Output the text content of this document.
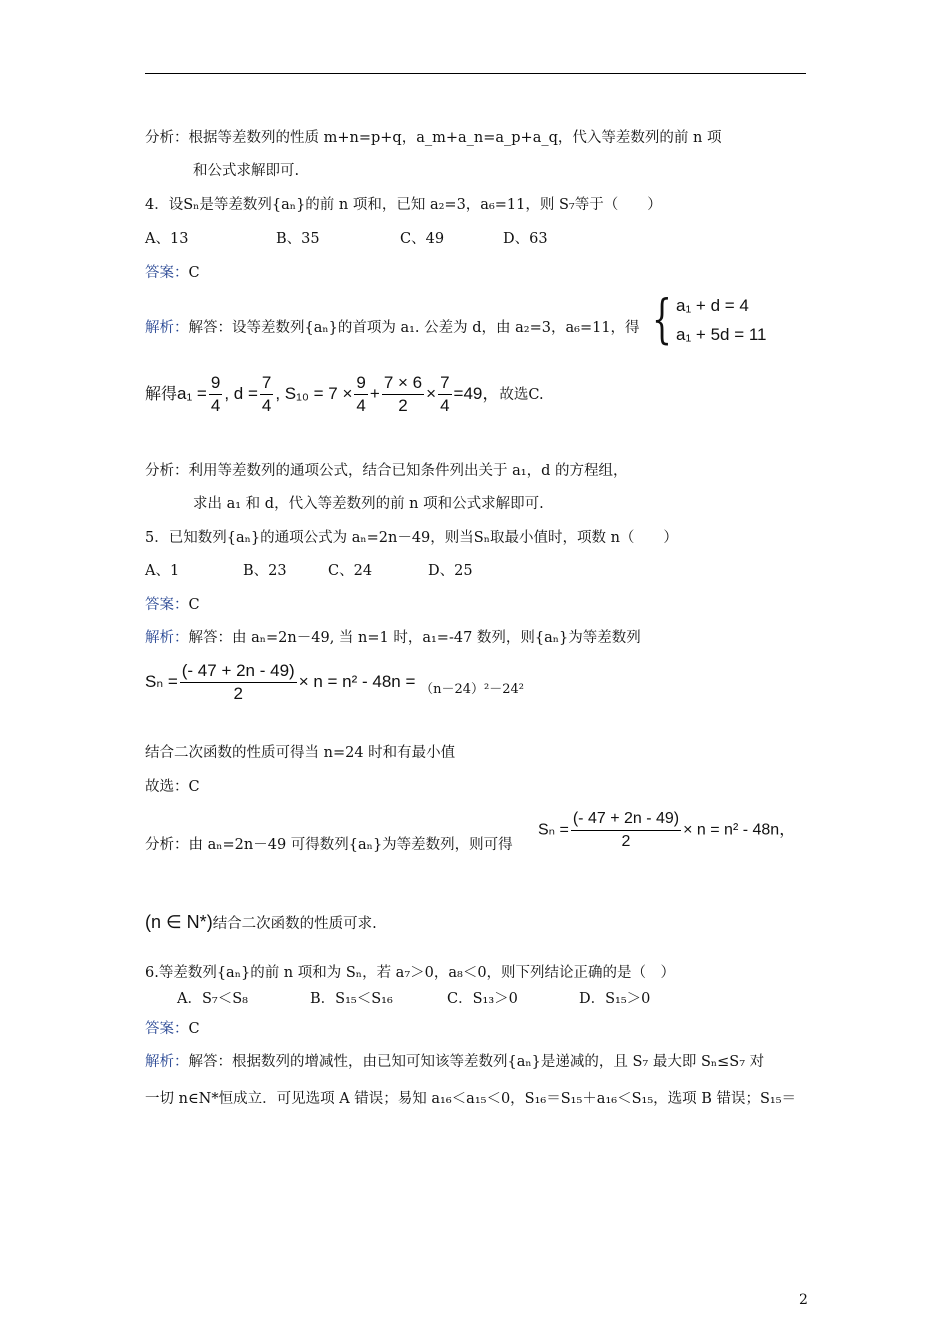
分析：根据等差数列的性质 m+n=p+q，a_m+a_n=a_p+a_q，代入等差数列的前 n 项
和公式求解即可.
4．设Sₙ是等差数列{aₙ}的前 n 项和，已知 a₂=3，a₆=11，则 S₇等于（　　）
A、13	B、35	C、49	D、63
答案：C
解析：解答：设等差数列{aₙ}的首项为 a₁. 公差为 d，由 a₂=3，a₆=11，得 { a₁ + d = 4
a₁ + 5d = 11
解得$a_1 = \frac{9}{4}$ , $d = \frac{7}{4}$ , $S_{10} = 7 \times \frac{9}{4} + \frac{7 \times 6}{2} \times \frac{7}{4} =49$，故选C.
分析：利用等差数列的通项公式，结合已知条件列出关于 a₁，d 的方程组，
求出 a₁ 和 d，代入等差数列的前 n 项和公式求解即可.
5．已知数列{aₙ}的通项公式为 aₙ=2n－49，则当Sₙ取最小值时，项数 n（　　）
A、1	B、23	C、24	D、25
答案：C
解析：解答：由 aₙ=2n－49, 当 n=1 时，a₁=-47 数列，则{aₙ}为等差数列
$S_n = \frac{(- 47 + 2n - 49)}{2} \times n = n^2 - 48n = _{(n-24)^2-24^2}$
结合二次函数的性质可得当 n=24 时和有最小值
故选：C
分析：由 aₙ=2n－49 可得数列{aₙ}为等差数列，则可得
$S_n = \frac{(- 47 + 2n - 49)}{2} \times n = n^2 - 48n$，
(n ∈ N*)结合二次函数的性质可求.
6.等差数列{aₙ}的前 n 项和为 Sₙ，若 a₇＞0，a₈＜0，则下列结论正确的是（　）
A．S₇＜S₈	B．S₁₅＜S₁₆	C．S₁₃＞0	D．S₁₅＞0
答案：C
解析：解答：根据数列的增减性，由已知可知该等差数列{aₙ}是递减的，且 S₇ 最大即 Sₙ≤S₇ 对
一切 n∈N*恒成立．可见选项 A 错误；易知 a₁₆＜a₁₅＜0，S₁₆＝S₁₅＋a₁₆＜S₁₅，选项 B 错误；S₁₅＝
2
